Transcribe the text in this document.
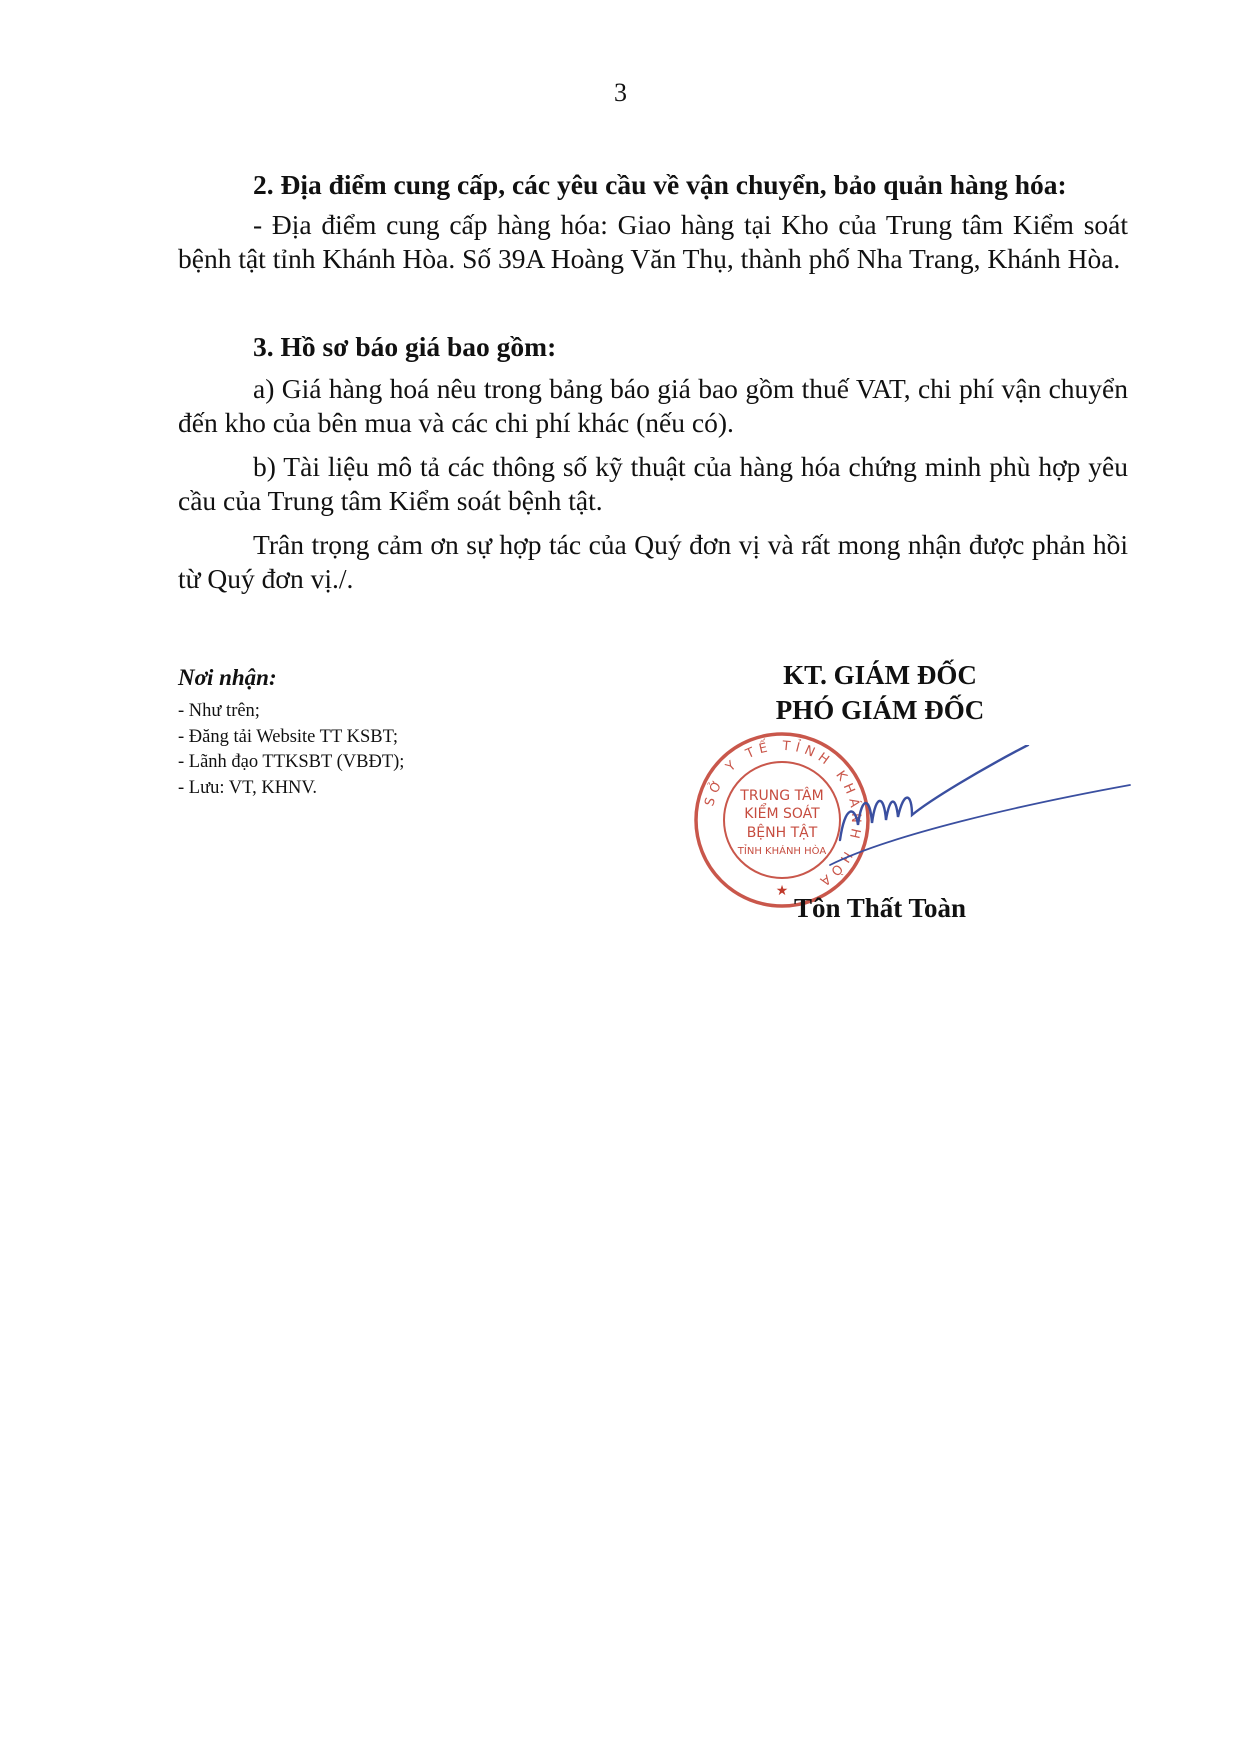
3

2. Địa điểm cung cấp, các yêu cầu về vận chuyển, bảo quản hàng hóa:

- Địa điểm cung cấp hàng hóa: Giao hàng tại Kho của Trung tâm Kiểm soát bệnh tật tỉnh Khánh Hòa. Số 39A Hoàng Văn Thụ, thành phố Nha Trang, Khánh Hòa.

3. Hồ sơ báo giá bao gồm:

a) Giá hàng hoá nêu trong bảng báo giá bao gồm thuế VAT, chi phí vận chuyển đến kho của bên mua và các chi phí khác (nếu có).

b) Tài liệu mô tả các thông số kỹ thuật của hàng hóa chứng minh phù hợp yêu cầu của Trung tâm Kiểm soát bệnh tật.

Trân trọng cảm ơn sự hợp tác của Quý đơn vị và rất mong nhận được phản hồi từ Quý đơn vị./.

Nơi nhận:

- Như trên;
- Đăng tải Website TT KSBT;
- Lãnh đạo TTKSBT (VBĐT);
- Lưu: VT, KHNV.
KT. GIÁM ĐỐC
PHÓ GIÁM ĐỐC
SỞ Y TẾ TỈNH KHÁNH HÒA
TRUNG TÂM
KIỂM SOÁT
BỆNH TẬT
TỈNH KHÁNH HÒA
★
Tôn Thất Toàn
